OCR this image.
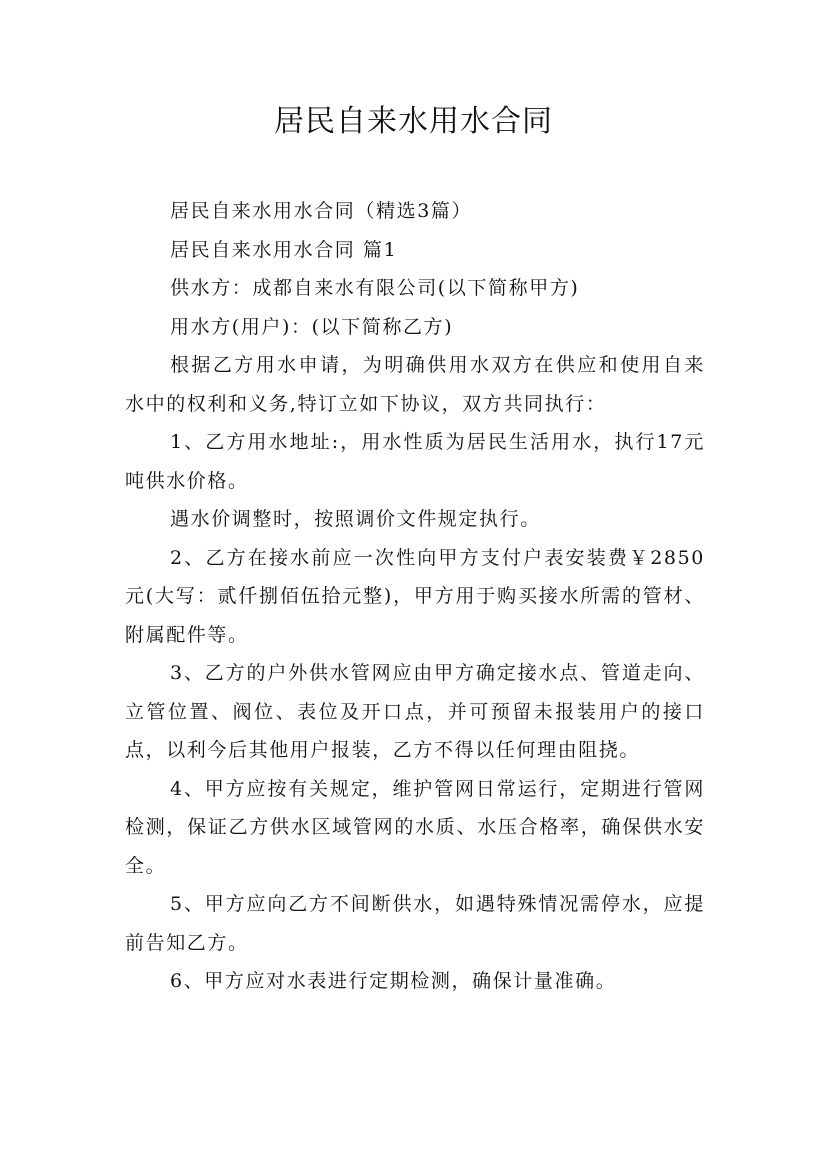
居民自来水用水合同

居民自来水用水合同（精选3篇）

居民自来水用水合同 篇1

供水方：成都自来水有限公司(以下简称甲方)

用水方(用户)：(以下简称乙方)

根据乙方用水申请，为明确供用水双方在供应和使用自来水中的权利和义务,特订立如下协议，双方共同执行：

1、乙方用水地址:，用水性质为居民生活用水，执行17元吨供水价格。

遇水价调整时，按照调价文件规定执行。

2、乙方在接水前应一次性向甲方支付户表安装费￥2850元(大写：贰仟捌佰伍拾元整)，甲方用于购买接水所需的管材、附属配件等。

3、乙方的户外供水管网应由甲方确定接水点、管道走向、立管位置、阀位、表位及开口点，并可预留未报装用户的接口点，以利今后其他用户报装，乙方不得以任何理由阻挠。

4、甲方应按有关规定，维护管网日常运行，定期进行管网检测，保证乙方供水区域管网的水质、水压合格率，确保供水安全。

5、甲方应向乙方不间断供水，如遇特殊情况需停水，应提前告知乙方。

6、甲方应对水表进行定期检测，确保计量准确。
